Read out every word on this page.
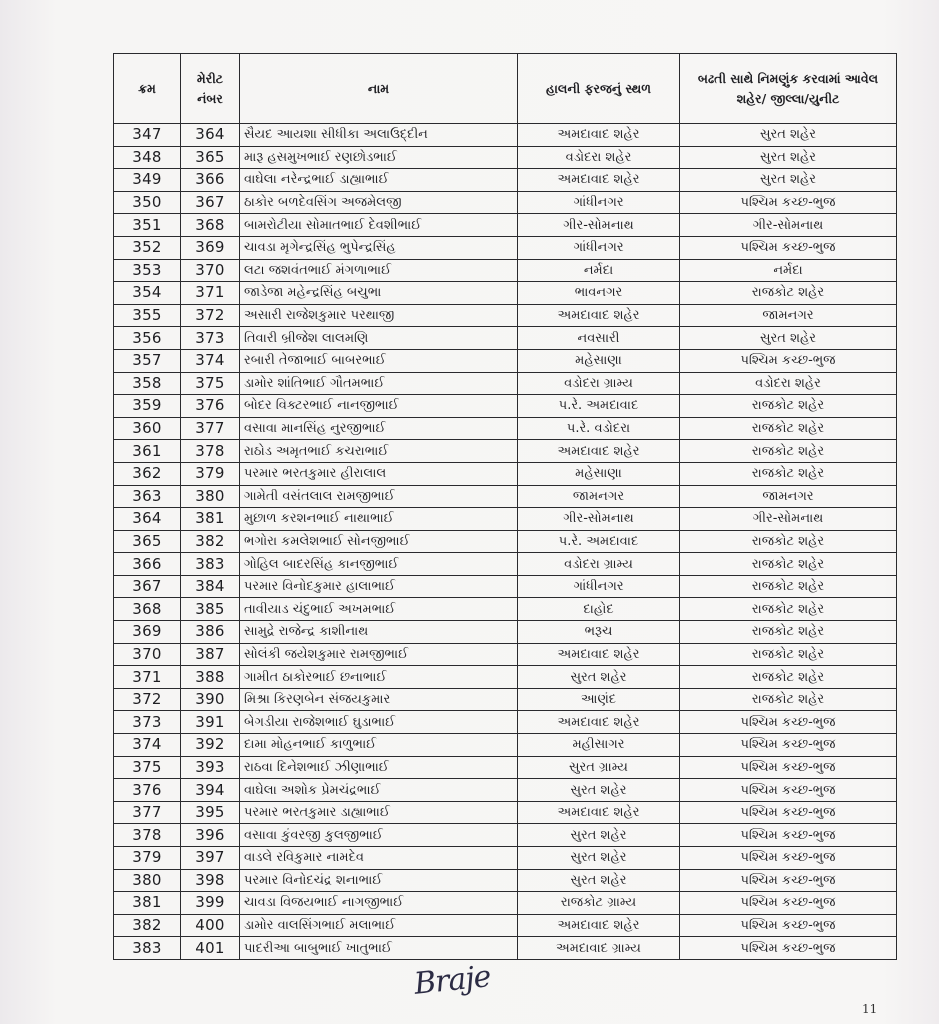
ક્રમ	મેરીટ નંબર	નામ	હાલની ફરજનું સ્થળ	બઢતી સાથે નિમણુંક કરવામાં આવેલ શહેર/ જીલ્લા/યુનીટ
347	364	સૈયદ આયશા સીધીકા અલાઉદ્દીન	અમદાવાદ શહેર	સુરત શહેર
348	365	મારૂ હસમુખભાઈ રણછોડભાઈ	વડોદરા શહેર	સુરત શહેર
349	366	વાઘેલા નરેન્દ્રભાઈ ડાહ્યાભાઈ	અમદાવાદ શહેર	સુરત શહેર
350	367	ઠાકોર બળદેવસિંગ અજમેલજી	ગાંધીનગર	પશ્ચિમ કચ્છ-ભુજ
351	368	બામરોટીયા સોમાતભાઈ દેવશીભાઈ	ગીર-સોમનાથ	ગીર-સોમનાથ
352	369	ચાવડા મૃગેન્દ્રસિંહ ભુપેન્દ્રસિંહ	ગાંધીનગર	પશ્ચિમ કચ્છ-ભુજ
353	370	લટા જશવંતભાઈ મંગળાભાઈ	નર્મદા	નર્મદા
354	371	જાડેજા મહેન્દ્રસિંહ બચુભા	ભાવનગર	રાજકોટ શહેર
355	372	અસારી રાજેશકુમાર પરથાજી	અમદાવાદ શહેર	જામનગર
356	373	તિવારી બ્રીજેશ લાલમણિ	નવસારી	સુરત શહેર
357	374	રબારી તેજાભાઈ બાબરભાઈ	મહેસાણા	પશ્ચિમ કચ્છ-ભુજ
358	375	ડામોર શાંતિભાઈ ગૌતમભાઈ	વડોદરા ગ્રામ્ય	વડોદરા શહેર
359	376	બોદર વિક્ટરભાઈ નાનજીભાઈ	પ.રે. અમદાવાદ	રાજકોટ શહેર
360	377	વસાવા માનસિંહ નુરજીભાઈ	પ.રે. વડોદરા	રાજકોટ શહેર
361	378	રાઠોડ અમૃતભાઈ કચરાભાઈ	અમદાવાદ શહેર	રાજકોટ શહેર
362	379	પરમાર ભરતકુમાર હીરાલાલ	મહેસાણા	રાજકોટ શહેર
363	380	ગામેતી વસંતલાલ રામજીભાઈ	જામનગર	જામનગર
364	381	મુછાળ કરશનભાઈ નાથાભાઈ	ગીર-સોમનાથ	ગીર-સોમનાથ
365	382	ભગોરા કમલેશભાઈ સોનજીભાઈ	પ.રે. અમદાવાદ	રાજકોટ શહેર
366	383	ગોહિલ બાદરસિંહ કાનજીભાઈ	વડોદરા ગ્રામ્ય	રાજકોટ શહેર
367	384	પરમાર વિનોદકુમાર હાલાભાઈ	ગાંધીનગર	રાજકોટ શહેર
368	385	તાવીયાડ ચંદુભાઈ અખમભાઈ	દાહોદ	રાજકોટ શહેર
369	386	સામુદ્રે રાજેન્દ્ર કાશીનાથ	ભરૂચ	રાજકોટ શહેર
370	387	સોલંકી જયેશકુમાર રામજીભાઈ	અમદાવાદ શહેર	રાજકોટ શહેર
371	388	ગામીત ઠાકોરભાઈ છનાભાઈ	સુરત શહેર	રાજકોટ શહેર
372	390	મિશ્રા કિરણબેન સંજયકુમાર	આણંદ	રાજકોટ શહેર
373	391	બેગડીયા રાજેશભાઈ ઘુડાભાઈ	અમદાવાદ શહેર	પશ્ચિમ કચ્છ-ભુજ
374	392	દામા મોહનભાઈ કાળુભાઈ	મહીસાગર	પશ્ચિમ કચ્છ-ભુજ
375	393	રાઠવા દિનેશભાઈ ઝીણાભાઈ	સુરત ગ્રામ્ય	પશ્ચિમ કચ્છ-ભુજ
376	394	વાઘેલા અશોક પ્રેમચંદ્રભાઈ	સુરત શહેર	પશ્ચિમ કચ્છ-ભુજ
377	395	પરમાર ભરતકુમાર ડાહ્યાભાઈ	અમદાવાદ શહેર	પશ્ચિમ કચ્છ-ભુજ
378	396	વસાવા કુંવરજી કુલજીભાઈ	સુરત શહેર	પશ્ચિમ કચ્છ-ભુજ
379	397	વાડલે રવિકુમાર નામદેવ	સુરત શહેર	પશ્ચિમ કચ્છ-ભુજ
380	398	પરમાર વિનોદચંદ્ર શનાભાઈ	સુરત શહેર	પશ્ચિમ કચ્છ-ભુજ
381	399	ચાવડા વિજયભાઈ નાગજીભાઈ	રાજકોટ ગ્રામ્ય	પશ્ચિમ કચ્છ-ભુજ
382	400	ડામોર વાલસિંગભાઈ મલાભાઈ	અમદાવાદ શહેર	પશ્ચિમ કચ્છ-ભુજ
383	401	પાદરીઆ બાબુભાઈ ખાતુભાઈ	અમદાવાદ ગ્રામ્ય	પશ્ચિમ કચ્છ-ભુજ
Braje
11
